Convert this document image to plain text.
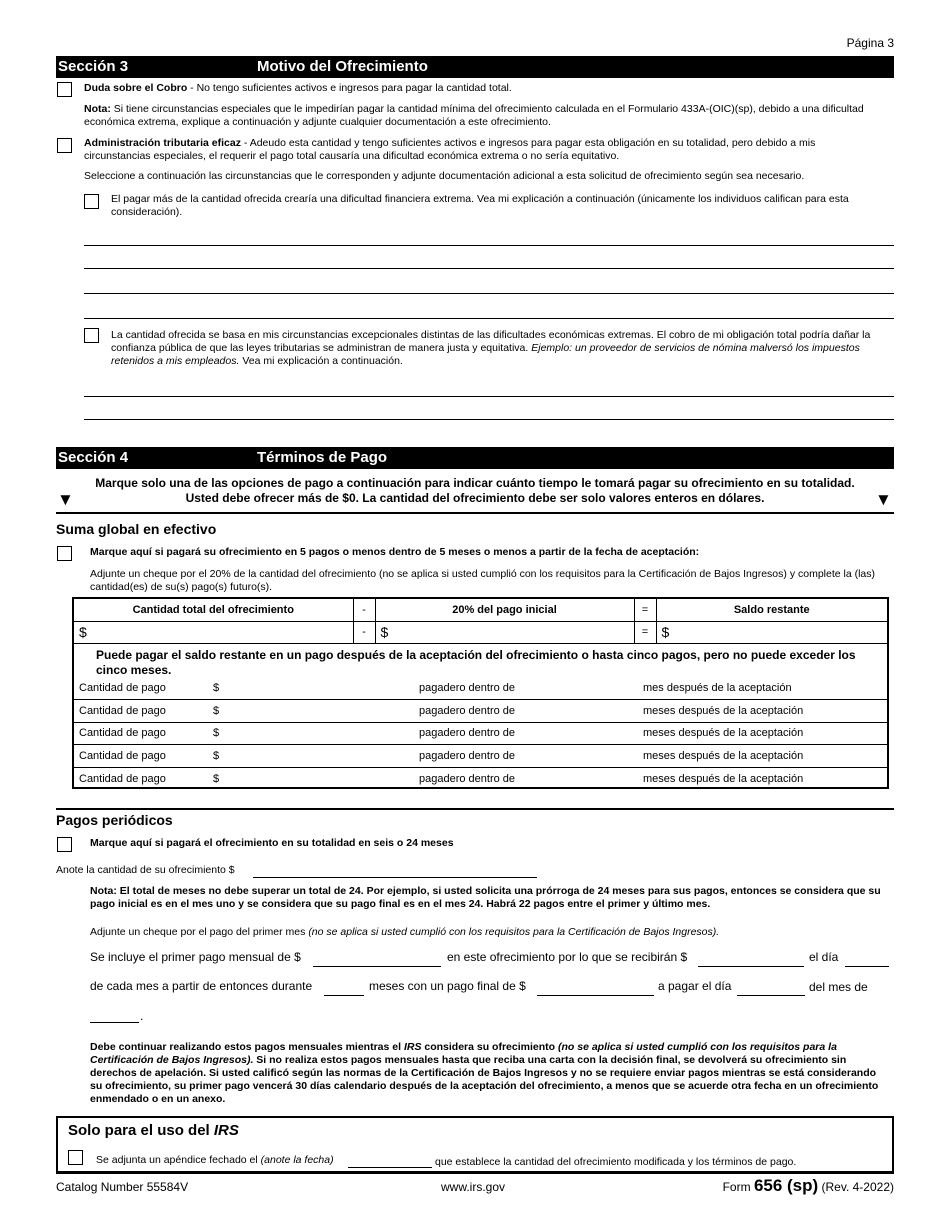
Página 3
Sección 3	Motivo del Ofrecimiento
Duda sobre el Cobro - No tengo suficientes activos e ingresos para pagar la cantidad total.
Nota: Si tiene circunstancias especiales que le impedirían pagar la cantidad mínima del ofrecimiento calculada en el Formulario 433A-(OIC)(sp), debido a una dificultad económica extrema, explique a continuación y adjunte cualquier documentación a este ofrecimiento.
Administración tributaria eficaz - Adeudo esta cantidad y tengo suficientes activos e ingresos para pagar esta obligación en su totalidad, pero debido a mis circunstancias especiales, el requerir el pago total causaría una dificultad económica extrema o no sería equitativo.
Seleccione a continuación las circunstancias que le corresponden y adjunte documentación adicional a esta solicitud de ofrecimiento según sea necesario.
El pagar más de la cantidad ofrecida crearía una dificultad financiera extrema. Vea mi explicación a continuación (únicamente los individuos califican para esta consideración).
La cantidad ofrecida se basa en mis circunstancias excepcionales distintas de las dificultades económicas extremas. El cobro de mi obligación total podría dañar la confianza pública de que las leyes tributarias se administran de manera justa y equitativa. Ejemplo: un proveedor de servicios de nómina malversó los impuestos retenidos a mis empleados. Vea mi explicación a continuación.
Sección 4	Términos de Pago
Marque solo una de las opciones de pago a continuación para indicar cuánto tiempo le tomará pagar su ofrecimiento en su totalidad.
Usted debe ofrecer más de $0. La cantidad del ofrecimiento debe ser solo valores enteros en dólares.
▼	▼
Suma global en efectivo
Marque aquí si pagará su ofrecimiento en 5 pagos o menos dentro de 5 meses o menos a partir de la fecha de aceptación:
Adjunte un cheque por el 20% de la cantidad del ofrecimiento (no se aplica si usted cumplió con los requisitos para la Certificación de Bajos Ingresos) y complete la (las) cantidad(es) de su(s) pago(s) futuro(s).
Cantidad total del ofrecimiento	-	20% del pago inicial	=	Saldo restante
$	-	$	=	$
Puede pagar el saldo restante en un pago después de la aceptación del ofrecimiento o hasta cinco pagos, pero no puede exceder los cinco meses.
Cantidad de pago	$	pagadero dentro de	mes después de la aceptación
Cantidad de pago	$	pagadero dentro de	meses después de la aceptación
Cantidad de pago	$	pagadero dentro de	meses después de la aceptación
Cantidad de pago	$	pagadero dentro de	meses después de la aceptación
Cantidad de pago	$	pagadero dentro de	meses después de la aceptación
Pagos periódicos
Marque aquí si pagará el ofrecimiento en su totalidad en seis o 24 meses
Anote la cantidad de su ofrecimiento $
Nota: El total de meses no debe superar un total de 24. Por ejemplo, si usted solicita una prórroga de 24 meses para sus pagos, entonces se considera que su pago inicial es en el mes uno y se considera que su pago final es en el mes 24. Habrá 22 pagos entre el primer y último mes.
Adjunte un cheque por el pago del primer mes (no se aplica si usted cumplió con los requisitos para la Certificación de Bajos Ingresos).
Se incluye el primer pago mensual de $	en este ofrecimiento por lo que se recibirán $	el día
de cada mes a partir de entonces durante	meses con un pago final de $	a pagar el día	del mes de
.
Debe continuar realizando estos pagos mensuales mientras el IRS considera su ofrecimiento (no se aplica si usted cumplió con los requisitos para la Certificación de Bajos Ingresos). Si no realiza estos pagos mensuales hasta que reciba una carta con la decisión final, se devolverá su ofrecimiento sin derechos de apelación. Si usted calificó según las normas de la Certificación de Bajos Ingresos y no se requiere enviar pagos mientras se está considerando su ofrecimiento, su primer pago vencerá 30 días calendario después de la aceptación del ofrecimiento, a menos que se acuerde otra fecha en un ofrecimiento enmendado o en un anexo.
Solo para el uso del IRS
Se adjunta un apéndice fechado el (anote la fecha)	que establece la cantidad del ofrecimiento modificada y los términos de pago.
Catalog Number 55584V	www.irs.gov	Form 656 (sp) (Rev. 4-2022)
